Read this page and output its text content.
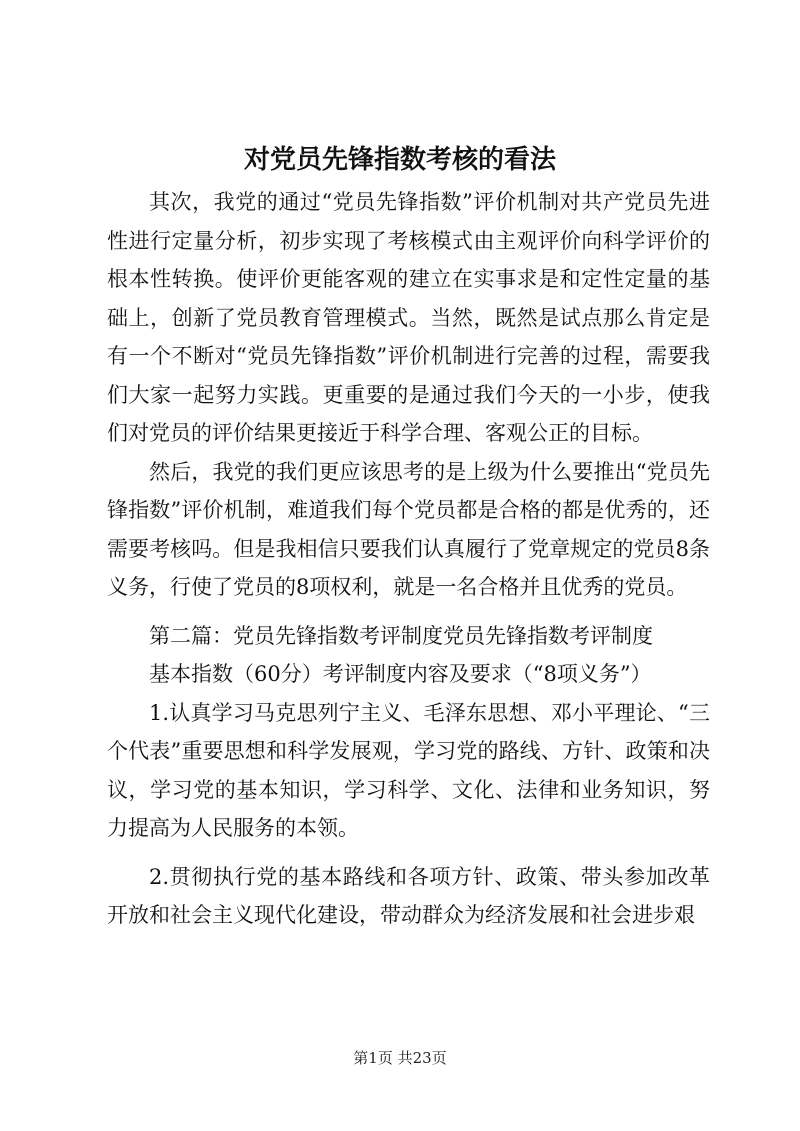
对党员先锋指数考核的看法

其次，我党的通过“党员先锋指数”评价机制对共产党员先进性进行定量分析，初步实现了考核模式由主观评价向科学评价的根本性转换。使评价更能客观的建立在实事求是和定性定量的基础上，创新了党员教育管理模式。当然，既然是试点那么肯定是有一个不断对“党员先锋指数”评价机制进行完善的过程，需要我们大家一起努力实践。更重要的是通过我们今天的一小步，使我们对党员的评价结果更接近于科学合理、客观公正的目标。

然后，我党的我们更应该思考的是上级为什么要推出“党员先锋指数”评价机制，难道我们每个党员都是合格的都是优秀的，还需要考核吗。但是我相信只要我们认真履行了党章规定的党员8条义务，行使了党员的8项权利，就是一名合格并且优秀的党员。

第二篇：党员先锋指数考评制度党员先锋指数考评制度

基本指数（60分）考评制度内容及要求（“8项义务”）

1.认真学习马克思列宁主义、毛泽东思想、邓小平理论、“三个代表”重要思想和科学发展观，学习党的路线、方针、政策和决议，学习党的基本知识，学习科学、文化、法律和业务知识，努力提高为人民服务的本领。

2.贯彻执行党的基本路线和各项方针、政策、带头参加改革开放和社会主义现代化建设，带动群众为经济发展和社会进步艰

第1页 共23页
